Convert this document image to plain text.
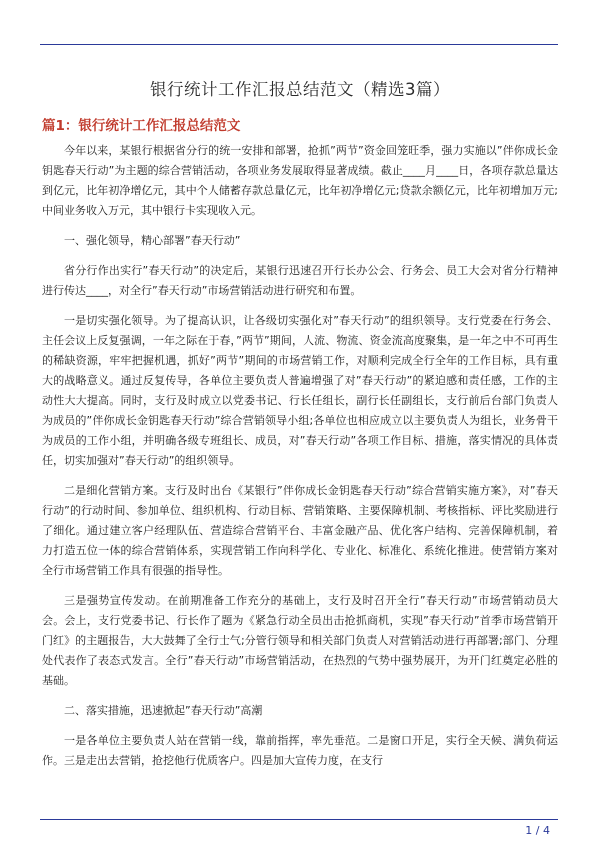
银行统计工作汇报总结范文（精选3篇）
篇1：银行统计工作汇报总结范文

今年以来，某银行根据省分行的统一安排和部署，抢抓”两节”资金回笼旺季，强力实施以”伴你成长金钥匙春天行动”为主题的综合营销活动，各项业务发展取得显著成绩。截止____月____日，各项存款总量达到亿元，比年初净增亿元，其中个人储蓄存款总量亿元，比年初净增亿元;贷款余额亿元，比年初增加万元;中间业务收入万元，其中银行卡实现收入元。

一、强化领导，精心部署”春天行动”

省分行作出实行”春天行动”的决定后，某银行迅速召开行长办公会、行务会、员工大会对省分行精神进行传达____，对全行”春天行动”市场营销活动进行研究和布置。

一是切实强化领导。为了提高认识，让各级切实强化对”春天行动”的组织领导。支行党委在行务会、主任会议上反复强调，一年之际在于春，”两节”期间，人流、物流、资金流高度聚集，是一年之中不可再生的稀缺资源，牢牢把握机遇，抓好”两节”期间的市场营销工作，对顺利完成全行全年的工作目标，具有重大的战略意义。通过反复传导，各单位主要负责人普遍增强了对”春天行动”的紧迫感和责任感，工作的主动性大大提高。同时，支行及时成立以党委书记、行长任组长，副行长任副组长，支行前后台部门负责人为成员的”伴你成长金钥匙春天行动”综合营销领导小组;各单位也相应成立以主要负责人为组长，业务骨干为成员的工作小组，并明确各级专班组长、成员，对”春天行动”各项工作目标、措施，落实情况的具体责任，切实加强对”春天行动”的组织领导。

二是细化营销方案。支行及时出台《某银行”伴你成长金钥匙春天行动”综合营销实施方案》，对”春天行动”的行动时间、参加单位、组织机构、行动目标、营销策略、主要保障机制、考核指标、评比奖励进行了细化。通过建立客户经理队伍、营造综合营销平台、丰富金融产品、优化客户结构、完善保障机制，着力打造五位一体的综合营销体系，实现营销工作向科学化、专业化、标准化、系统化推进。使营销方案对全行市场营销工作具有很强的指导性。

三是强势宣传发动。在前期准备工作充分的基础上，支行及时召开全行”春天行动”市场营销动员大会。会上，支行党委书记、行长作了题为《紧急行动全员出击抢抓商机，实现”春天行动”首季市场营销开门红》的主题报告，大大鼓舞了全行士气;分管行领导和相关部门负责人对营销活动进行再部署;部门、分理处代表作了表态式发言。全行”春天行动”市场营销活动，在热烈的气势中强势展开，为开门红奠定必胜的基础。

二、落实措施，迅速掀起”春天行动”高潮

一是各单位主要负责人站在营销一线，靠前指挥，率先垂范。二是窗口开足，实行全天候、满负荷运作。三是走出去营销，抢挖他行优质客户。四是加大宣传力度，在支行

1 / 4
